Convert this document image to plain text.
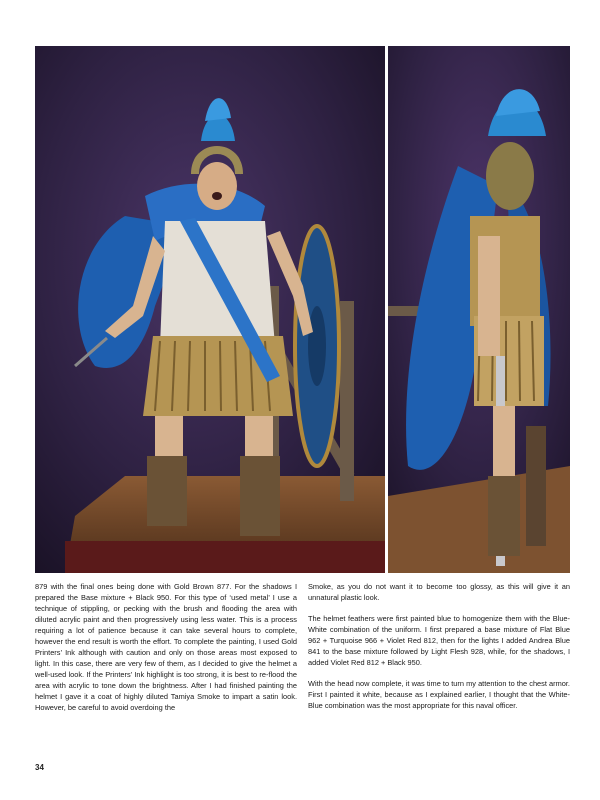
879 with the final ones being done with Gold Brown 877. For the shadows I prepared the Base mixture + Black 950. For this type of ‘used metal’ I use a technique of stippling, or pecking with the brush and flooding the area with diluted acrylic paint and then progressively using less water. This is a process requiring a lot of patience because it can take several hours to complete, however the end result is worth the effort. To complete the painting, I used Gold Printers’ Ink although with caution and only on those areas most exposed to light. In this case, there are very few of them, as I decided to give the helmet a well-used look. If the Printers’ Ink highlight is too strong, it is best to re-flood the area with acrylic to tone down the brightness. After I had finished painting the helmet I gave it a coat of highly diluted Tamiya Smoke to impart a satin look. However, be careful to avoid overdoing the

Smoke, as you do not want it to become too glossy, as this will give it an unnatural plastic look.

The helmet feathers were first painted blue to homogenize them with the Blue-White combination of the uniform. I first prepared a base mixture of Flat Blue 962 + Turquoise 966 + Violet Red 812, then for the lights I added Andrea Blue 841 to the base mixture followed by Light Flesh 928, while, for the shadows, I added Violet Red 812 + Black 950.

With the head now complete, it was time to turn my attention to the chest armor. First I painted it white, because as I explained earlier, I thought that the White-Blue combination was the most appropriate for this naval officer.

34
